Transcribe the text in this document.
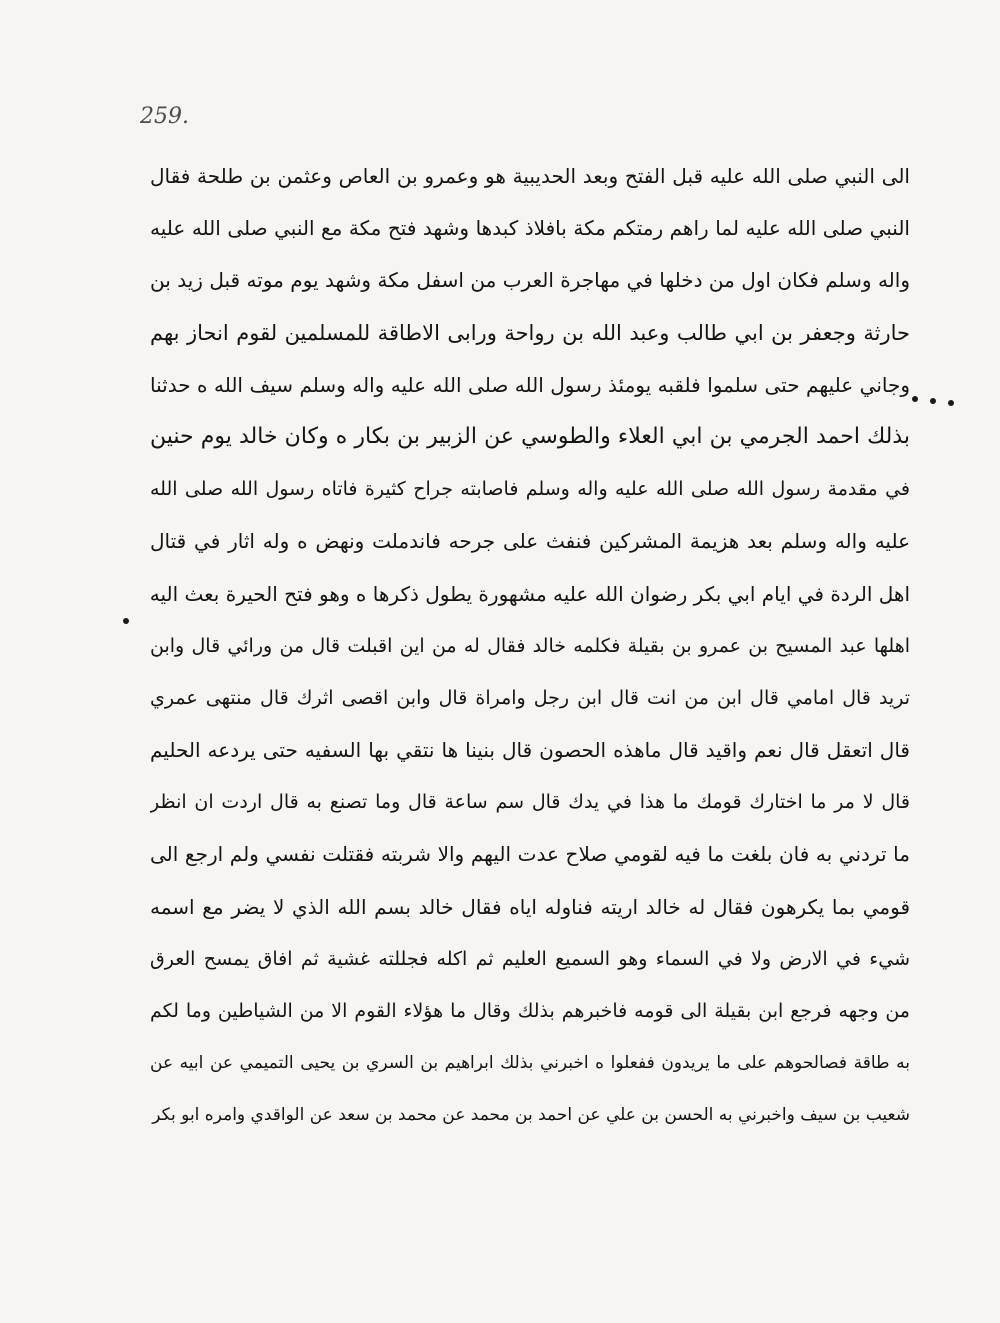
259.
الى النبي صلى الله عليه قبل الفتح وبعد الحديبية هو وعمرو بن العاص وعثمن بن طلحة فقال
النبي صلى الله عليه لما راهم رمتكم مكة بافلاذ كبدها وشهد فتح مكة مع النبي صلى الله عليه
واله وسلم فكان اول من دخلها في مهاجرة العرب من اسفل مكة وشهد يوم موته قبل زيد بن
حارثة وجعفر بن ابي طالب وعبد الله بن رواحة ورابى الاطاقة للمسلمين لقوم انحاز بهم
وجاني عليهم حتى سلموا فلقبه يومئذ رسول الله صلى الله عليه واله وسلم سيف الله ه حدثنا
بذلك احمد الجرمي بن ابي العلاء والطوسي عن الزبير بن بكار ه وكان خالد يوم حنين
في مقدمة رسول الله صلى الله عليه واله وسلم فاصابته جراح كثيرة فاتاه رسول الله صلى الله
عليه واله وسلم بعد هزيمة المشركين فنفث على جرحه فاندملت ونهض ه وله اثار في قتال
اهل الردة في ايام ابي بكر رضوان الله عليه مشهورة يطول ذكرها ه وهو فتح الحيرة بعث اليه
اهلها عبد المسيح بن عمرو بن بقيلة فكلمه خالد فقال له من اين اقبلت قال من ورائي قال وابن
تريد قال امامي قال ابن من انت قال ابن رجل وامراة قال وابن اقصى اثرك قال منتهى عمري
قال اتعقل قال نعم واقيد قال ماهذه الحصون قال بنينا ها نتقي بها السفيه حتى يردعه الحليم
قال لا مر ما اختارك قومك ما هذا في يدك قال سم ساعة قال وما تصنع به قال اردت ان انظر
ما تردني به فان بلغت ما فيه لقومي صلاح عدت اليهم والا شربته فقتلت نفسي ولم ارجع الى
قومي بما يكرهون فقال له خالد اريته فناوله اياه فقال خالد بسم الله الذي لا يضر مع اسمه
شيء في الارض ولا في السماء وهو السميع العليم ثم اكله فجللته غشية ثم افاق يمسح العرق
من وجهه فرجع ابن بقيلة الى قومه فاخبرهم بذلك وقال ما هؤلاء القوم الا من الشياطين وما لكم
به طاقة فصالحوهم على ما يريدون ففعلوا ه اخبرني بذلك ابراهيم بن السري بن يحيى التميمي عن ابيه عن
شعيب بن سيف واخبرني به الحسن بن علي عن احمد بن محمد عن محمد بن سعد عن الواقدي وامره ابو بكر
